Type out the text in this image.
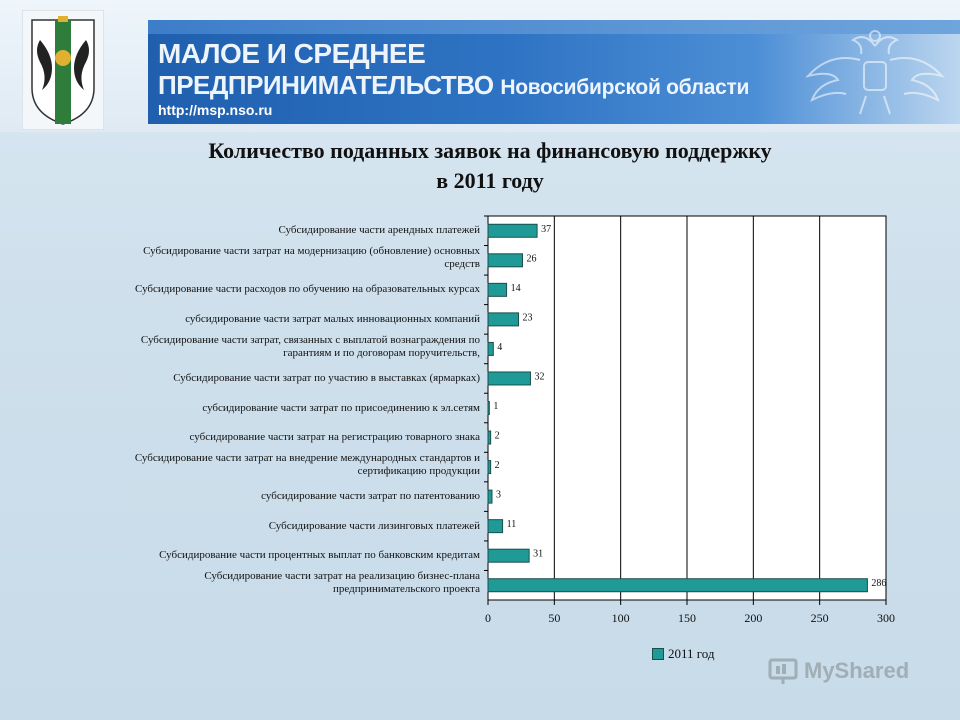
МАЛОЕ И СРЕДНЕЕ
ПРЕДПРИНИМАТЕЛЬСТВО Новосибирской области
http://msp.nso.ru
Количество поданных заявок на финансовую поддержку
в 2011 году
Субсидирование части арендных платежей
Субсидирование части затрат на модернизацию (обновление) основных
средств
Субсидирование части расходов по обучению на образовательных курсах
субсидирование части затрат малых инновационных компаний
Субсидирование части затрат, связанных с выплатой вознаграждения по
гарантиям и по договорам поручительств,
Субсидирование части затрат по участию в выставках (ярмарках)
субсидирование части затрат по присоединению к эл.сетям
субсидирование части затрат на регистрацию товарного знака
Субсидирование части затрат на внедрение международных стандартов и
сертификацию продукции
субсидирование части затрат по патентованию
Субсидирование части лизинговых платежей
Субсидирование части процентных выплат по банковским кредитам
Субсидирование части затрат на реализацию бизнес-плана
предпринимательского проекта
0	50	100	150	200	250	300
37
26
14
23
4
32
1
2
2
3
11
31
286
2011 год
MyShared
